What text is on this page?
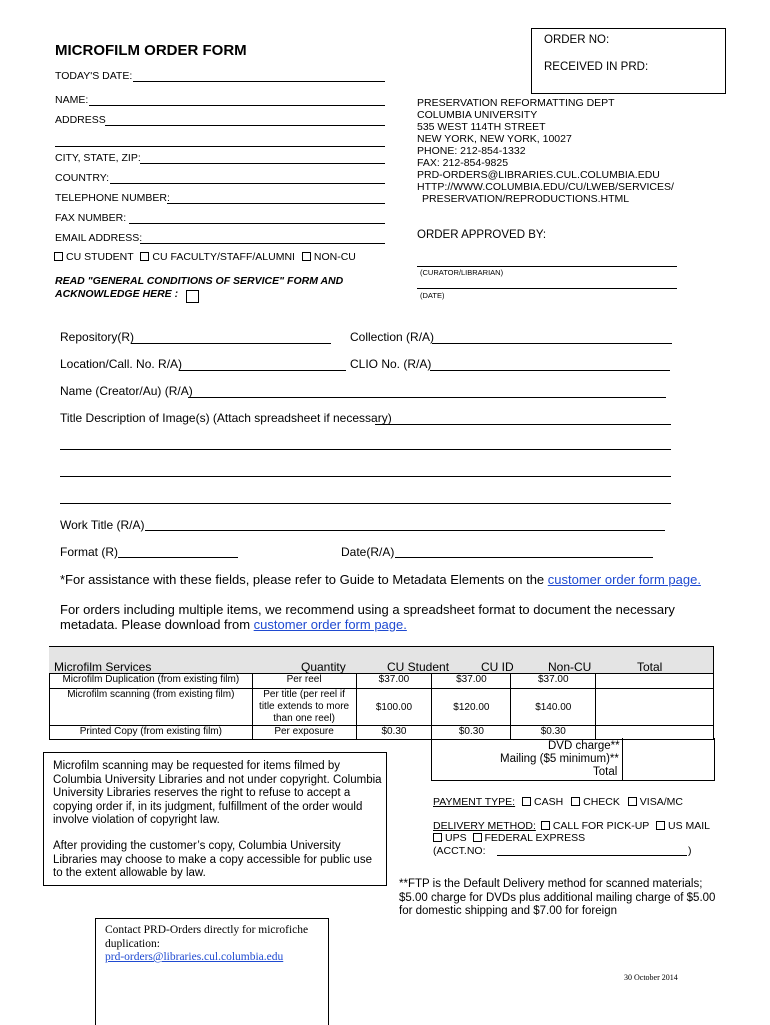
MICROFILM ORDER FORM
TODAY'S DATE:
ORDER NO:
RECEIVED IN PRD:
NAME:
ADDRESS
CITY, STATE, ZIP:
COUNTRY:
TELEPHONE NUMBER:
FAX NUMBER:
EMAIL ADDRESS:
CU STUDENT CU FACULTY/STAFF/ALUMNI NON-CU
READ "GENERAL CONDITIONS OF SERVICE" FORM AND
ACKNOWLEDGE HERE :
PRESERVATION REFORMATTING DEPT
COLUMBIA UNIVERSITY
535 WEST 114TH STREET
NEW YORK, NEW YORK, 10027
PHONE: 212-854-1332
FAX: 212-854-9825
PRD-ORDERS@LIBRARIES.CUL.COLUMBIA.EDU
HTTP://WWW.COLUMBIA.EDU/CU/LWEB/SERVICES/
PRESERVATION/REPRODUCTIONS.HTML
ORDER APPROVED BY:
(CURATOR/LIBRARIAN)
(DATE)
Repository(R)	Collection (R/A)
Location/Call. No. R/A)	CLIO No. (R/A)
Name (Creator/Au) (R/A)
Title Description of Image(s) (Attach spreadsheet if necessary)
Work Title (R/A)
Format (R)	Date(R/A)
*For assistance with these fields, please refer to Guide to Metadata Elements on the customer order form page.
For orders including multiple items, we recommend using a spreadsheet format to document the necessary
metadata. Please download from customer order form page.
Microfilm Services	Quantity	CU Student	CU ID	Non-CU	Total
Microfilm Duplication (from existing film)	Per reel	$37.00	$37.00	$37.00	
Microfilm scanning (from existing film)	Per title (per reel if title extends to more than one reel)	$100.00	$120.00	$140.00	
Printed Copy (from existing film)	Per exposure	$0.30	$0.30	$0.30	
DVD charge**
Mailing ($5 minimum)**
Total
Microfilm scanning may be requested for items filmed by Columbia University Libraries and not under copyright. Columbia University Libraries reserves the right to refuse to accept a copying order if, in its judgment, fulfillment of the order would involve violation of copyright law.
After providing the customer’s copy, Columbia University Libraries may choose to make a copy accessible for public use to the extent allowable by law.
PAYMENT TYPE: CASH CHECK VISA/MC
DELIVERY METHOD: CALL FOR PICK-UP US MAIL
UPS FEDERAL EXPRESS
(ACCT.NO:	)
**FTP is the Default Delivery method for scanned materials; $5.00 charge for DVDs plus additional mailing charge of $5.00 for domestic shipping and $7.00 for foreign
Contact PRD-Orders directly for microfiche
duplication:
prd-orders@libraries.cul.columbia.edu
30 October 2014
